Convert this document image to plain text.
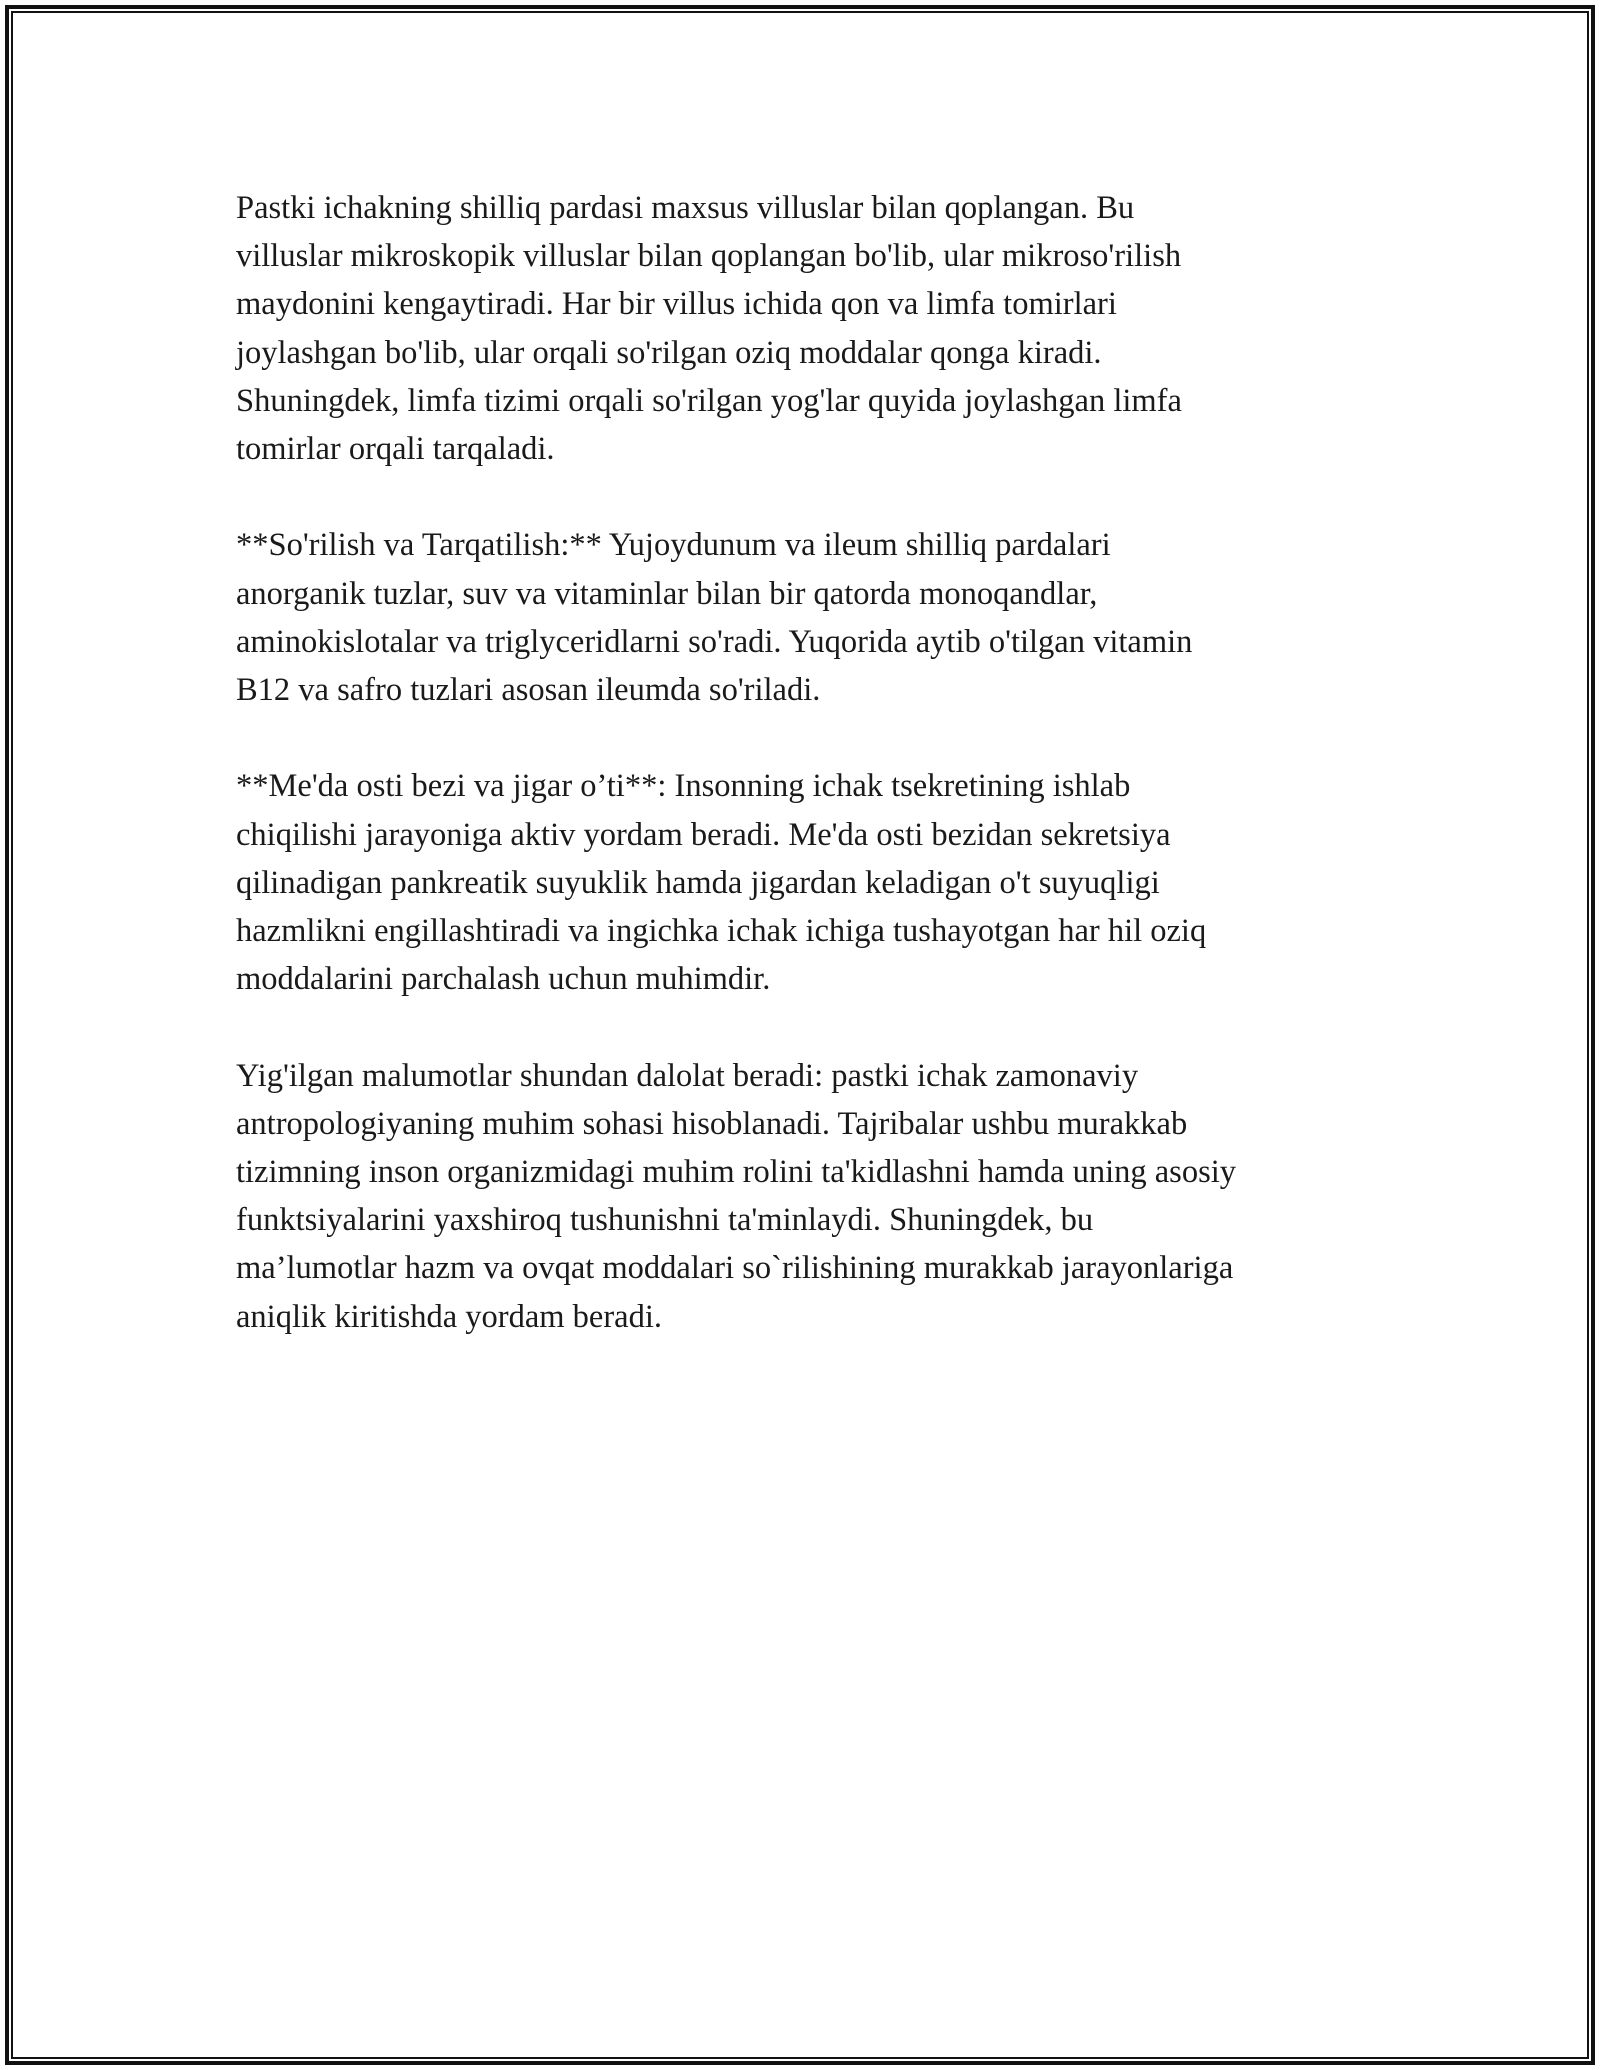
Pastki ichakning shilliq pardasi maxsus villuslar bilan qoplangan. Bu
villuslar mikroskopik villuslar bilan qoplangan bo'lib, ular mikroso'rilish
maydonini kengaytiradi. Har bir villus ichida qon va limfa tomirlari
joylashgan bo'lib, ular orqali so'rilgan oziq moddalar qonga kiradi.
Shuningdek, limfa tizimi orqali so'rilgan yog'lar quyida joylashgan limfa
tomirlar orqali tarqaladi.

**So'rilish va Tarqatilish:** Yujoydunum va ileum shilliq pardalari
anorganik tuzlar, suv va vitaminlar bilan bir qatorda monoqandlar,
aminokislotalar va triglyceridlarni so'radi. Yuqorida aytib o'tilgan vitamin
B12 va safro tuzlari asosan ileumda so'riladi.

**Me'da osti bezi va jigar o’ti**: Insonning ichak tsekretining ishlab
chiqilishi jarayoniga aktiv yordam beradi. Me'da osti bezidan sekretsiya
qilinadigan pankreatik suyuklik hamda jigardan keladigan o't suyuqligi
hazmlikni engillashtiradi va ingichka ichak ichiga tushayotgan har hil oziq
moddalarini parchalash uchun muhimdir.

Yig'ilgan malumotlar shundan dalolat beradi: pastki ichak zamonaviy
antropologiyaning muhim sohasi hisoblanadi. Tajribalar ushbu murakkab
tizimning inson organizmidagi muhim rolini ta'kidlashni hamda uning asosiy
funktsiyalarini yaxshiroq tushunishni ta'minlaydi. Shuningdek, bu
ma’lumotlar hazm va ovqat moddalari so`rilishining murakkab jarayonlariga
aniqlik kiritishda yordam beradi.
